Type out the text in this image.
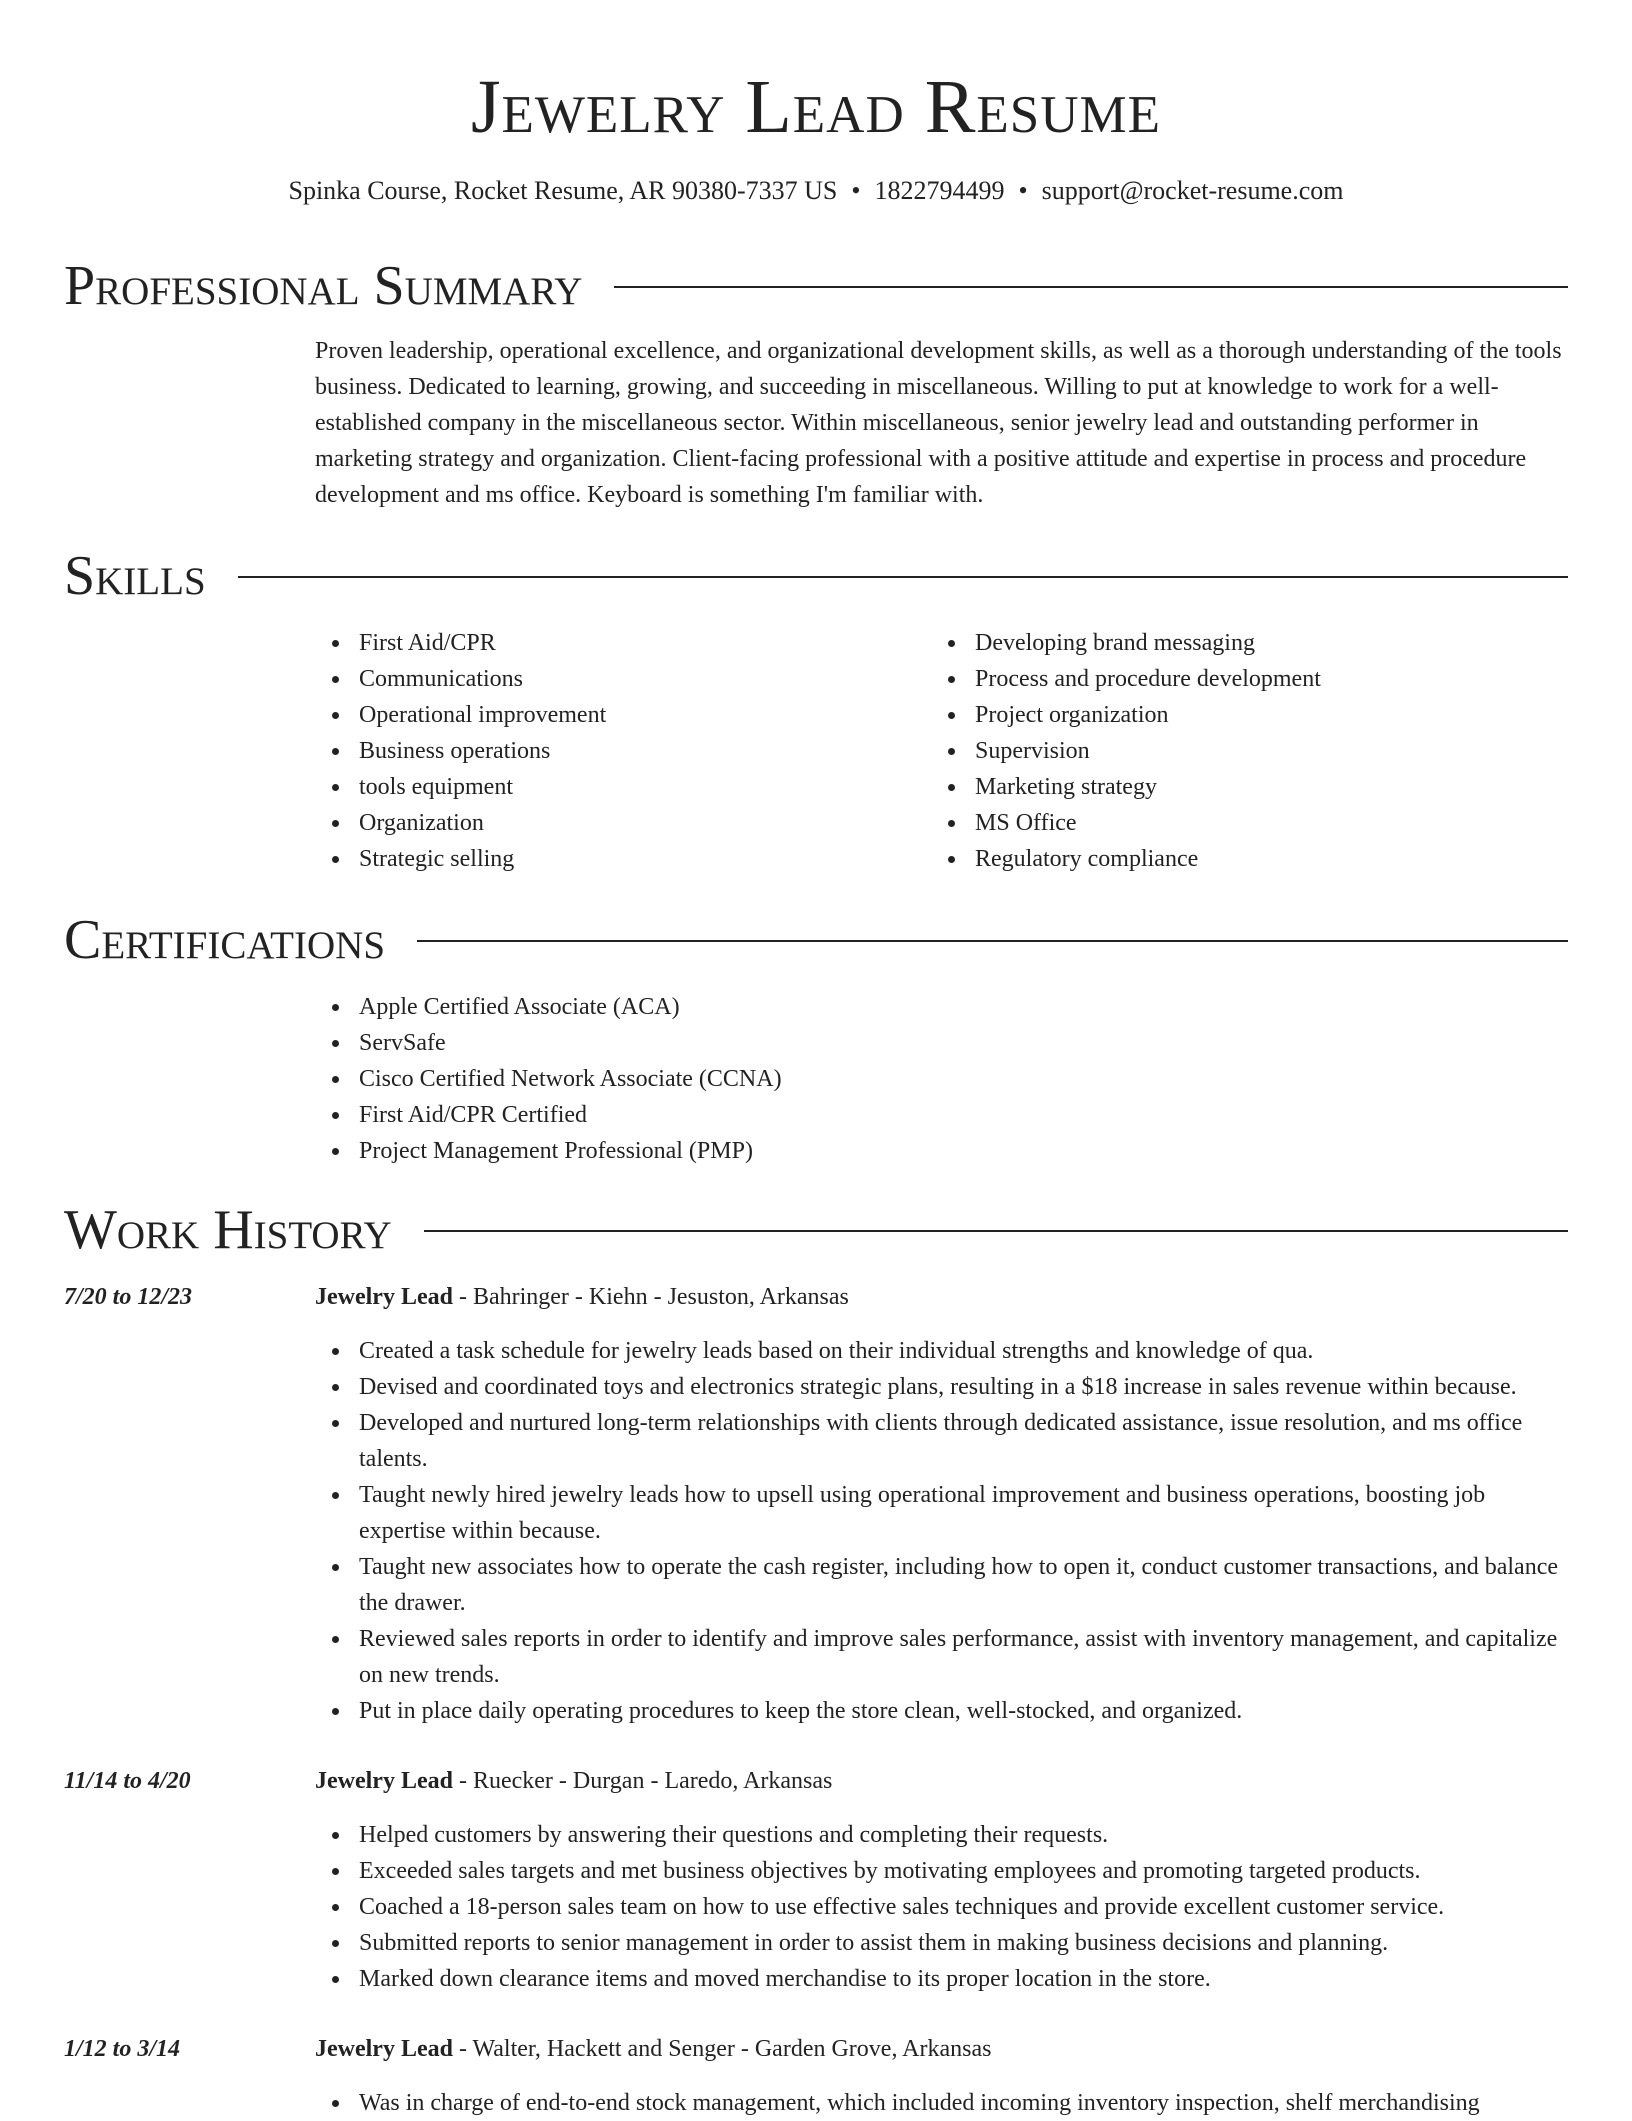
Jewelry Lead Resume
Spinka Course, Rocket Resume, AR 90380-7337 US • 1822794499 • support@rocket-resume.com
Professional Summary
Proven leadership, operational excellence, and organizational development skills, as well as a thorough understanding of the tools business. Dedicated to learning, growing, and succeeding in miscellaneous. Willing to put at knowledge to work for a well-established company in the miscellaneous sector. Within miscellaneous, senior jewelry lead and outstanding performer in marketing strategy and organization. Client-facing professional with a positive attitude and expertise in process and procedure development and ms office. Keyboard is something I'm familiar with.
Skills
First Aid/CPR
Communications
Operational improvement
Business operations
tools equipment
Organization
Strategic selling
Developing brand messaging
Process and procedure development
Project organization
Supervision
Marketing strategy
MS Office
Regulatory compliance
Certifications
Apple Certified Associate (ACA)
ServSafe
Cisco Certified Network Associate (CCNA)
First Aid/CPR Certified
Project Management Professional (PMP)
Work History
7/20 to 12/23	Jewelry Lead - Bahringer - Kiehn - Jesuston, Arkansas
Created a task schedule for jewelry leads based on their individual strengths and knowledge of qua.
Devised and coordinated toys and electronics strategic plans, resulting in a $18 increase in sales revenue within because.
Developed and nurtured long-term relationships with clients through dedicated assistance, issue resolution, and ms office talents.
Taught newly hired jewelry leads how to upsell using operational improvement and business operations, boosting job expertise within because.
Taught new associates how to operate the cash register, including how to open it, conduct customer transactions, and balance the drawer.
Reviewed sales reports in order to identify and improve sales performance, assist with inventory management, and capitalize on new trends.
Put in place daily operating procedures to keep the store clean, well-stocked, and organized.
11/14 to 4/20	Jewelry Lead - Ruecker - Durgan - Laredo, Arkansas
Helped customers by answering their questions and completing their requests.
Exceeded sales targets and met business objectives by motivating employees and promoting targeted products.
Coached a 18-person sales team on how to use effective sales techniques and provide excellent customer service.
Submitted reports to senior management in order to assist them in making business decisions and planning.
Marked down clearance items and moved merchandise to its proper location in the store.
1/12 to 3/14	Jewelry Lead - Walter, Hackett and Senger - Garden Grove, Arkansas
Was in charge of end-to-end stock management, which included incoming inventory inspection, shelf merchandising
